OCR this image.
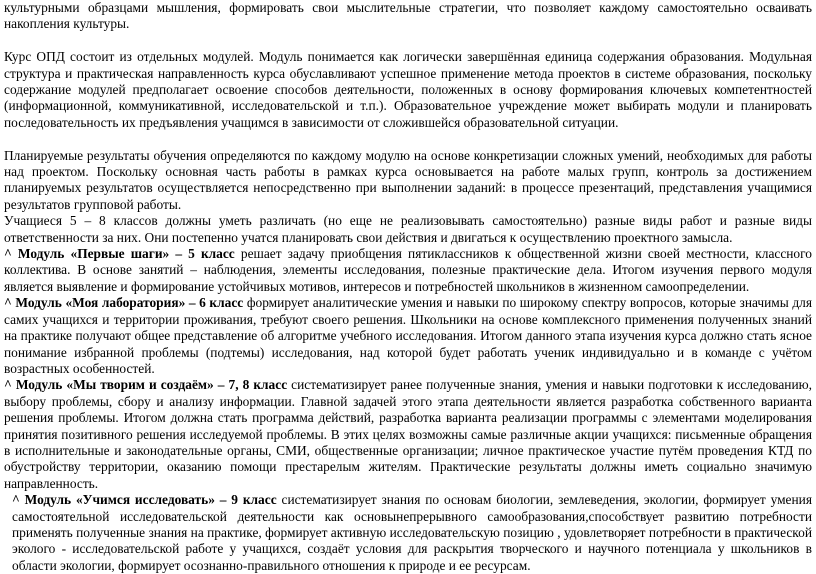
культурными образцами мышления, формировать свои мыслительные стратегии, что позволяет каждому самостоятельно осваивать накопления культуры.

Курс ОПД состоит из отдельных модулей. Модуль понимается как логически завершённая единица содержания образования. Модульная структура и практическая направленность курса обуславливают успешное применение метода проектов в системе образования, поскольку содержание модулей предполагает освоение способов деятельности, положенных в основу формирования ключевых компетентностей (информационной, коммуникативной, исследовательской и т.п.). Образовательное учреждение может выбирать модули и планировать последовательность их предъявления учащимся в зависимости от сложившейся образовательной ситуации.

Планируемые результаты обучения определяются по каждому модулю на основе конкретизации сложных умений, необходимых для работы над проектом. Поскольку основная часть работы в рамках курса основывается на работе малых групп, контроль за достижением планируемых результатов осуществляется непосредственно при выполнении заданий: в процессе презентаций, представления учащимися результатов групповой работы.

Учащиеся 5 – 8 классов должны уметь различать (но еще не реализовывать самостоятельно) разные виды работ и разные виды ответственности за них. Они постепенно учатся планировать свои действия и двигаться к осуществлению проектного замысла.

^ Модуль «Первые шаги» – 5 класс решает задачу приобщения пятиклассников к общественной жизни своей местности, классного коллектива. В основе занятий – наблюдения, элементы исследования, полезные практические дела. Итогом изучения первого модуля является выявление и формирование устойчивых мотивов, интересов и потребностей школьников в жизненном самоопределении.

^ Модуль «Моя лаборатория» – 6 класс формирует аналитические умения и навыки по широкому спектру вопросов, которые значимы для самих учащихся и территории проживания, требуют своего решения. Школьники на основе комплексного применения полученных знаний на практике получают общее представление об алгоритме учебного исследования. Итогом данного этапа изучения курса должно стать ясное понимание избранной проблемы (подтемы) исследования, над которой будет работать ученик индивидуально и в команде с учётом возрастных особенностей.

^ Модуль «Мы творим и создаём» – 7, 8 класс систематизирует ранее полученные знания, умения и навыки подготовки к исследованию, выбору проблемы, сбору и анализу информации. Главной задачей этого этапа деятельности является разработка собственного варианта решения проблемы. Итогом должна стать программа действий, разработка варианта реализации программы с элементами моделирования принятия позитивного решения исследуемой проблемы. В этих целях возможны самые различные акции учащихся: письменные обращения в исполнительные и законодательные органы, СМИ, общественные организации; личное практическое участие путём проведения КТД по обустройству территории, оказанию помощи престарелым жителям. Практические результаты должны иметь социально значимую направленность.

^ Модуль «Учимся исследовать» – 9 класс систематизирует знания по основам биологии, землеведения, экологии, формирует умения самостоятельной исследовательской деятельности как основынепрерывного самообразования,способствует развитию потребности применять полученные знания на практике, формирует активную исследовательскую позицию , удовлетворяет потребности в практической эколого - исследовательской работе у учащихся, создаёт условия для раскрытия творческого и научного потенциала у школьников в области экологии, формирует осознанно-правильного отношения к природе и ее ресурсам.
